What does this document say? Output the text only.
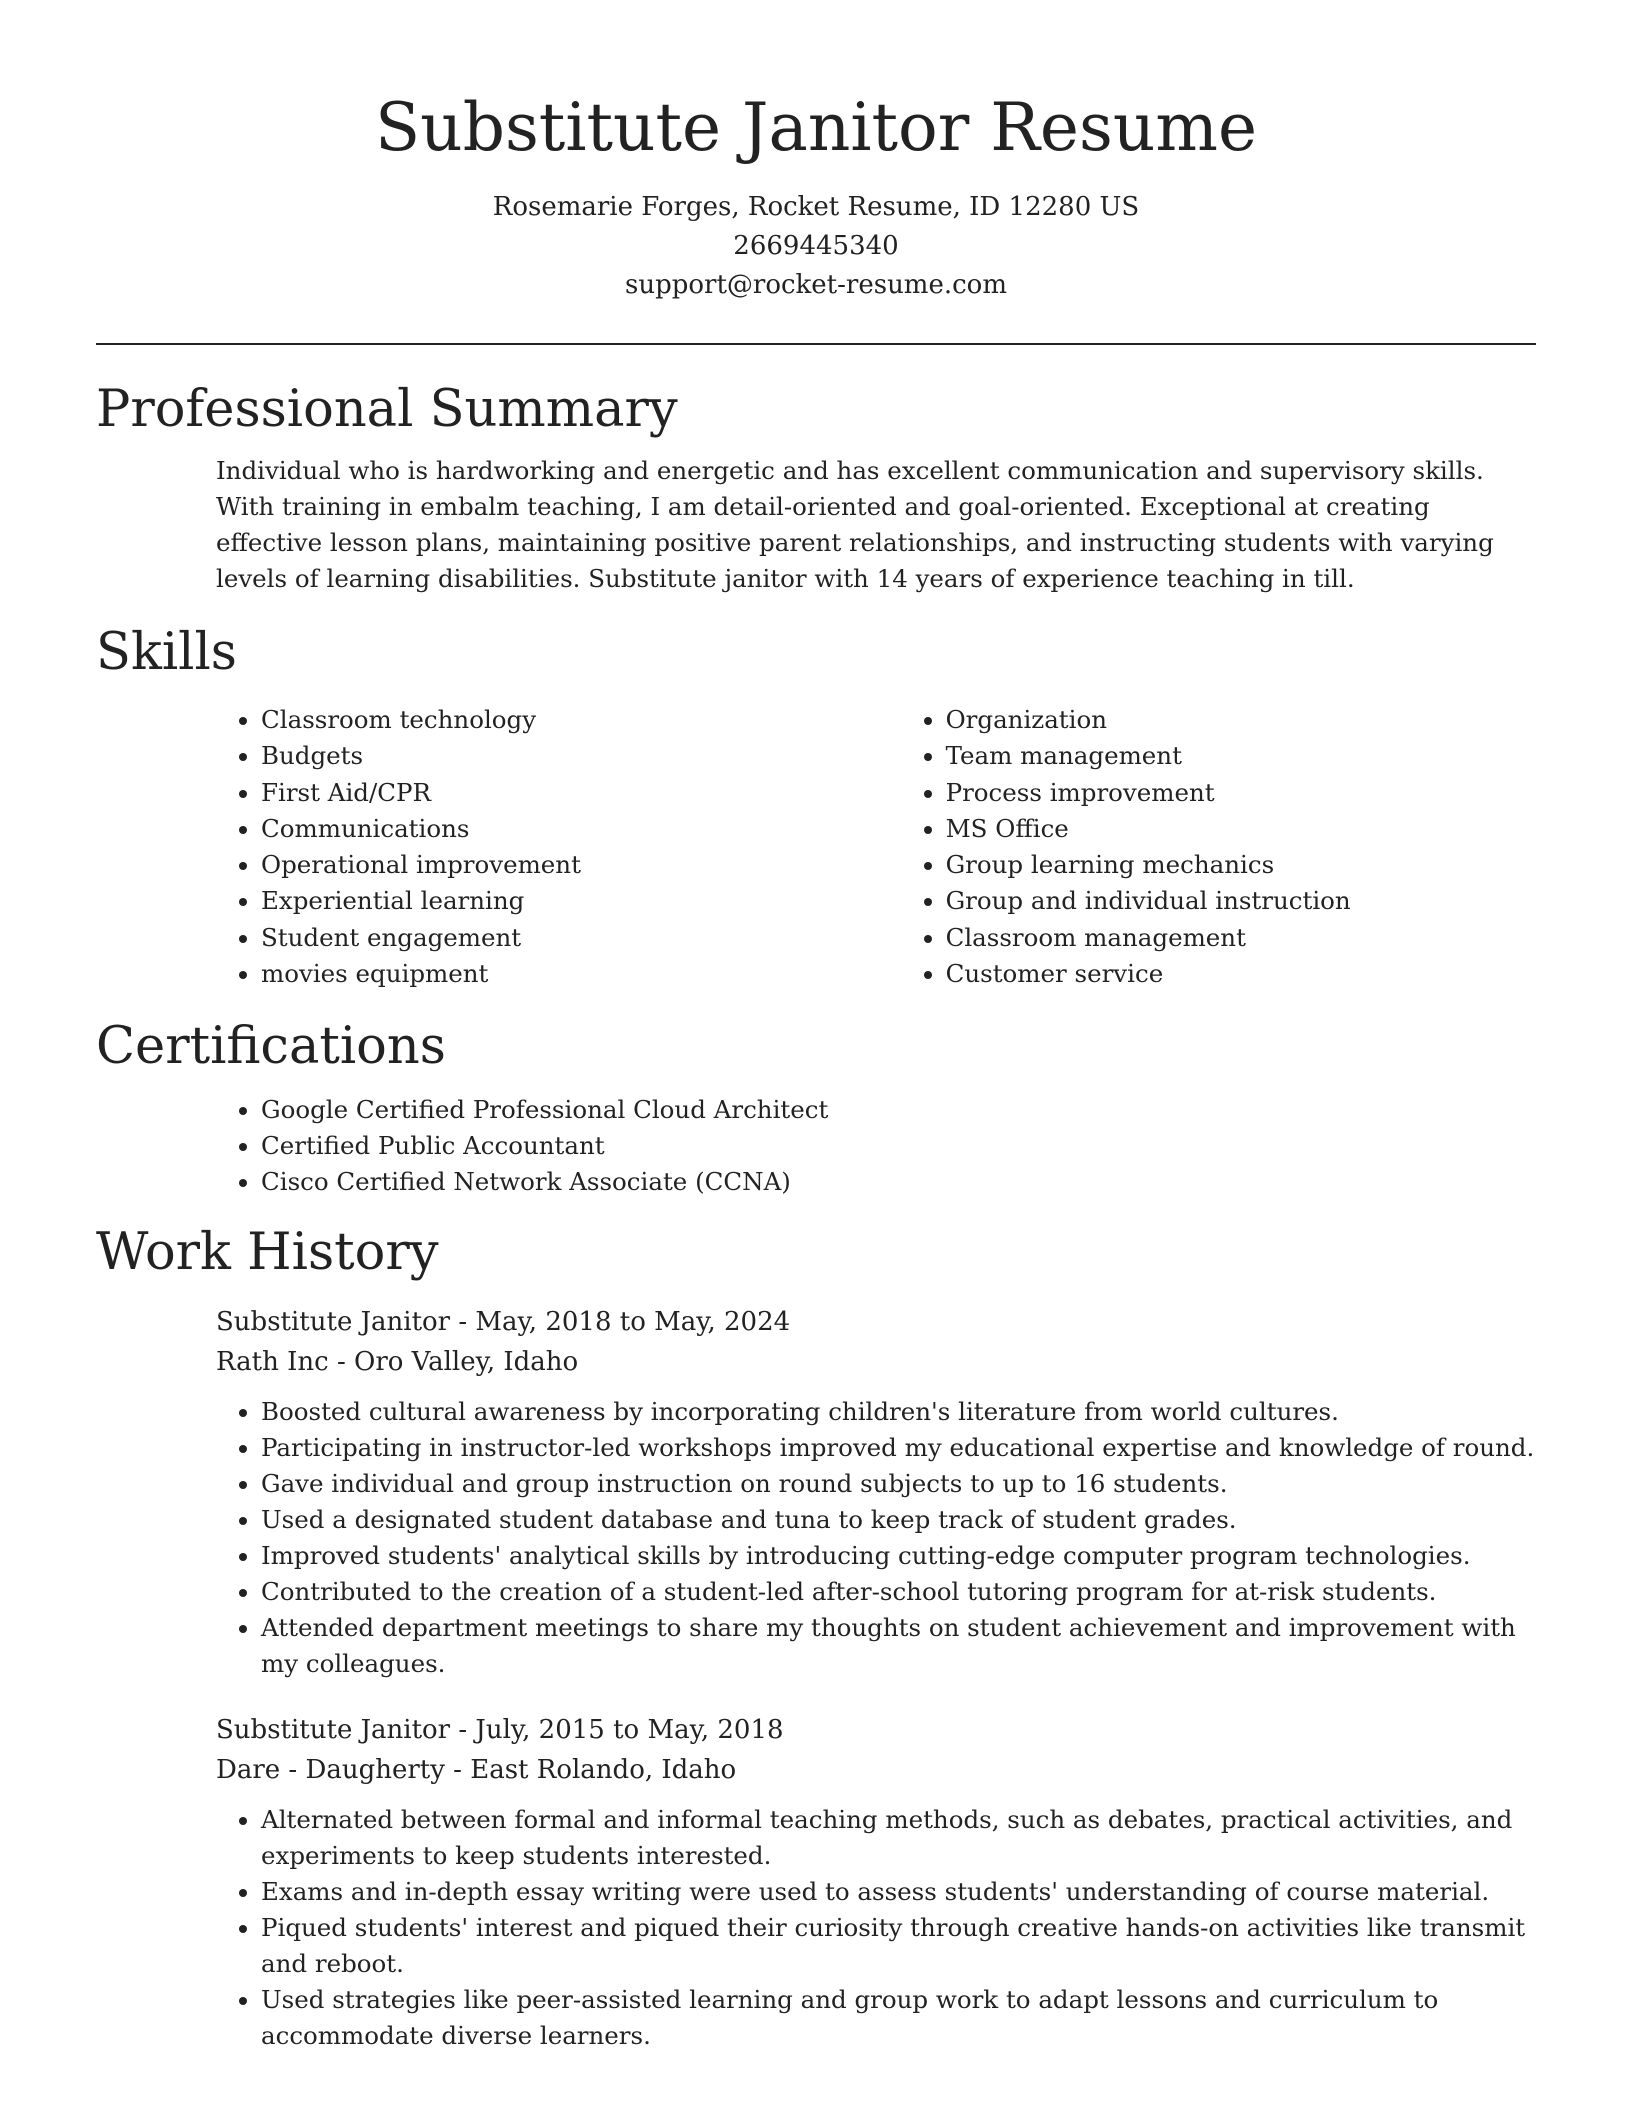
Substitute Janitor Resume
Rosemarie Forges, Rocket Resume, ID 12280 US
2669445340
support@rocket-resume.com
Professional Summary

Individual who is hardworking and energetic and has excellent communication and supervisory skills. With training in embalm teaching, I am detail-oriented and goal-oriented. Exceptional at creating effective lesson plans, maintaining positive parent relationships, and instructing students with varying levels of learning disabilities. Substitute janitor with 14 years of experience teaching in till.

Skills
• Classroom technology
• Budgets
• First Aid/CPR
• Communications
• Operational improvement
• Experiential learning
• Student engagement
• movies equipment
• Organization
• Team management
• Process improvement
• MS Office
• Group learning mechanics
• Group and individual instruction
• Classroom management
• Customer service
Certifications
• Google Certified Professional Cloud Architect
• Certified Public Accountant
• Cisco Certified Network Associate (CCNA)
Work History
Substitute Janitor - May, 2018 to May, 2024
Rath Inc - Oro Valley, Idaho
• Boosted cultural awareness by incorporating children's literature from world cultures.
• Participating in instructor-led workshops improved my educational expertise and knowledge of round.
• Gave individual and group instruction on round subjects to up to 16 students.
• Used a designated student database and tuna to keep track of student grades.
• Improved students' analytical skills by introducing cutting-edge computer program technologies.
• Contributed to the creation of a student-led after-school tutoring program for at-risk students.
• Attended department meetings to share my thoughts on student achievement and improvement with my colleagues.
Substitute Janitor - July, 2015 to May, 2018
Dare - Daugherty - East Rolando, Idaho
• Alternated between formal and informal teaching methods, such as debates, practical activities, and experiments to keep students interested.
• Exams and in-depth essay writing were used to assess students' understanding of course material.
• Piqued students' interest and piqued their curiosity through creative hands-on activities like transmit and reboot.
• Used strategies like peer-assisted learning and group work to adapt lessons and curriculum to accommodate diverse learners.
